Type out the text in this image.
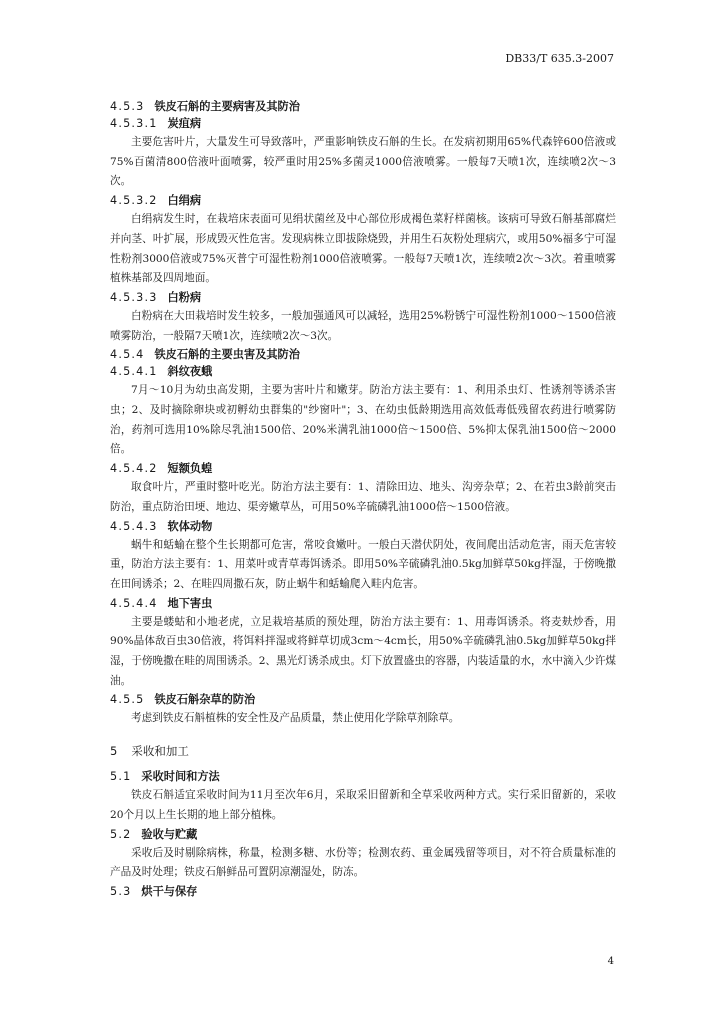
DB33/T 635.3-2007
4.5.3 铁皮石斛的主要病害及其防治
4.5.3.1 炭疽病

主要危害叶片，大量发生可导致落叶，严重影响铁皮石斛的生长。在发病初期用65%代森锌600倍液或75%百菌清800倍液叶面喷雾，较严重时用25%多菌灵1000倍液喷雾。一般每7天喷1次，连续喷2次～3次。

4.5.3.2 白绢病

白绢病发生时，在栽培床表面可见绢状菌丝及中心部位形成褐色菜籽样菌核。该病可导致石斛基部腐烂并向茎、叶扩展，形成毁灭性危害。发现病株立即拔除烧毁，并用生石灰粉处理病穴，或用50%福多宁可湿性粉剂3000倍液或75%灭普宁可湿性粉剂1000倍液喷雾。一般每7天喷1次，连续喷2次～3次。着重喷雾植株基部及四周地面。

4.5.3.3 白粉病

白粉病在大田栽培时发生较多，一般加强通风可以减轻，选用25%粉锈宁可湿性粉剂1000～1500倍液喷雾防治，一般隔7天喷1次，连续喷2次～3次。

4.5.4 铁皮石斛的主要虫害及其防治
4.5.4.1 斜纹夜蛾

7月～10月为幼虫高发期，主要为害叶片和嫩芽。防治方法主要有：1、利用杀虫灯、性诱剂等诱杀害虫；2、及时摘除卵块或初孵幼虫群集的"纱窗叶"；3、在幼虫低龄期选用高效低毒低残留农药进行喷雾防治，药剂可选用10%除尽乳油1500倍、20%米满乳油1000倍～1500倍、5%抑太保乳油1500倍～2000倍。

4.5.4.2 短额负蝗

取食叶片，严重时整叶吃光。防治方法主要有：1、清除田边、地头、沟旁杂草；2、在若虫3龄前突击防治，重点防治田埂、地边、渠旁嫩草丛，可用50%辛硫磷乳油1000倍～1500倍液。

4.5.4.3 软体动物

蜗牛和蛞蝓在整个生长期都可危害，常咬食嫩叶。一般白天潜伏阴处，夜间爬出活动危害，雨天危害较重，防治方法主要有：1、用菜叶或青草毒饵诱杀。即用50%辛硫磷乳油0.5kg加鲜草50kg拌湿，于傍晚撒在田间诱杀；2、在畦四周撒石灰，防止蜗牛和蛞蝓爬入畦内危害。

4.5.4.4 地下害虫

主要是蝼蛄和小地老虎，立足栽培基质的预处理，防治方法主要有：1、用毒饵诱杀。将麦麸炒香，用90%晶体敌百虫30倍液，将饵料拌湿或将鲜草切成3cm～4cm长，用50%辛硫磷乳油0.5kg加鲜草50kg拌湿，于傍晚撒在畦的周围诱杀。2、黑光灯诱杀成虫。灯下放置盛虫的容器，内装适量的水，水中滴入少许煤油。

4.5.5 铁皮石斛杂草的防治

考虑到铁皮石斛植株的安全性及产品质量，禁止使用化学除草剂除草。

5 采收和加工
5.1 采收时间和方法

铁皮石斛适宜采收时间为11月至次年6月，采取采旧留新和全草采收两种方式。实行采旧留新的，采收20个月以上生长期的地上部分植株。

5.2 验收与贮藏

采收后及时剔除病株，称量，检测多糖、水份等；检测农药、重金属残留等项目，对不符合质量标准的产品及时处理；铁皮石斛鲜品可置阴凉潮湿处，防冻。

5.3 烘干与保存
4
